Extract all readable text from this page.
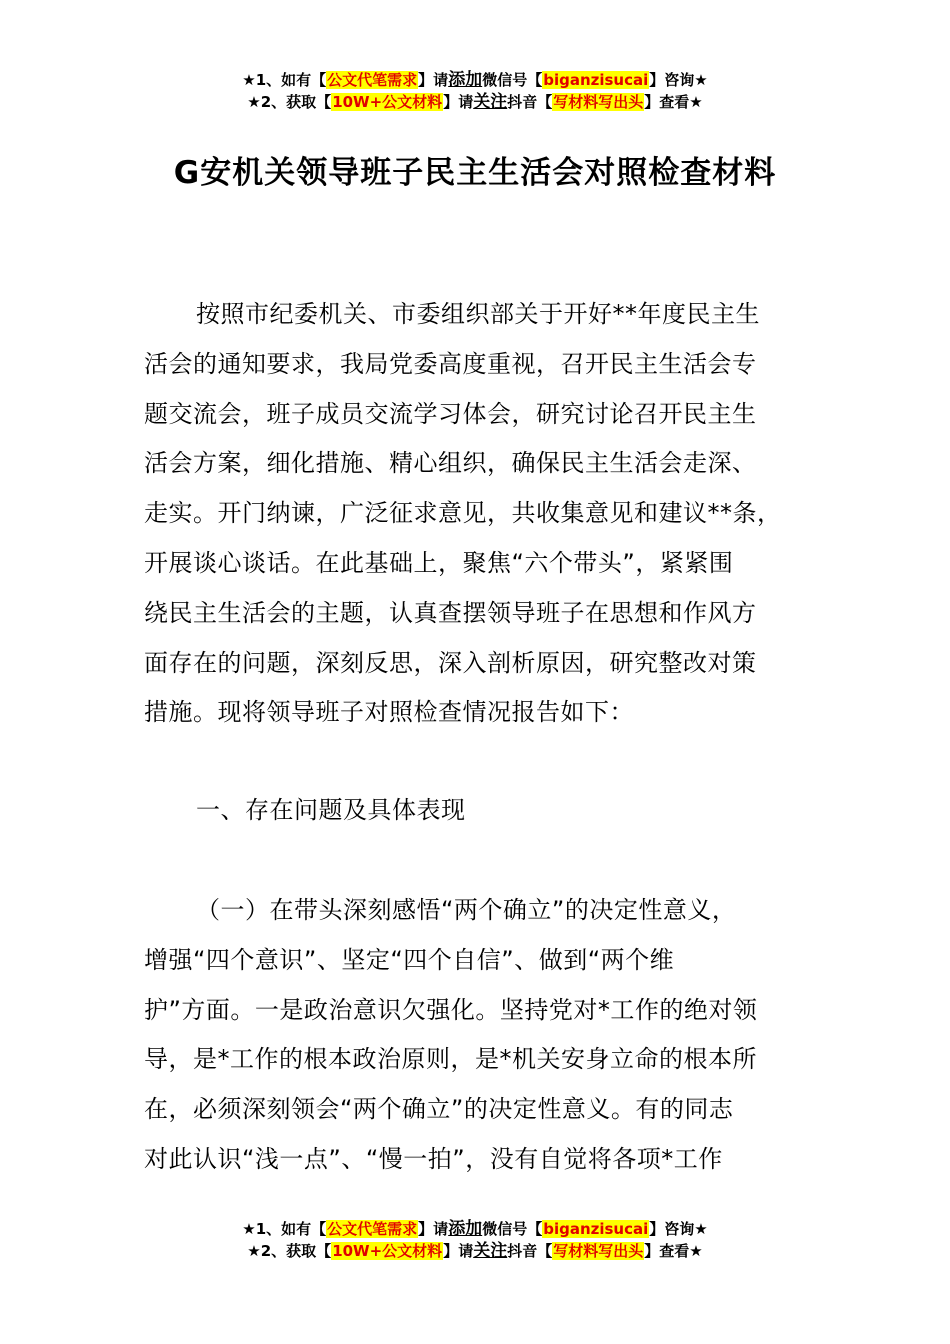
★1、如有【公文代笔需求】请添加微信号【biganzisucai】咨询★
★2、获取【10W+公文材料】请关注抖音【写材料写出头】查看★
G安机关领导班子民主生活会对照检查材料
按照市纪委机关、市委组织部关于开好**年度民主生
活会的通知要求，我局党委高度重视，召开民主生活会专
题交流会，班子成员交流学习体会，研究讨论召开民主生
活会方案，细化措施、精心组织，确保民主生活会走深、
走实。开门纳谏，广泛征求意见，共收集意见和建议**条，
开展谈心谈话。在此基础上，聚焦“六个带头”，紧紧围
绕民主生活会的主题，认真查摆领导班子在思想和作风方
面存在的问题，深刻反思，深入剖析原因，研究整改对策
措施。现将领导班子对照检查情况报告如下：
一、存在问题及具体表现
（一）在带头深刻感悟“两个确立”的决定性意义，
增强“四个意识”、坚定“四个自信”、做到“两个维
护”方面。一是政治意识欠强化。坚持党对*工作的绝对领
导，是*工作的根本政治原则，是*机关安身立命的根本所
在，必须深刻领会“两个确立”的决定性意义。有的同志
对此认识“浅一点”、“慢一拍”，没有自觉将各项*工作
★1、如有【公文代笔需求】请添加微信号【biganzisucai】咨询★
★2、获取【10W+公文材料】请关注抖音【写材料写出头】查看★
